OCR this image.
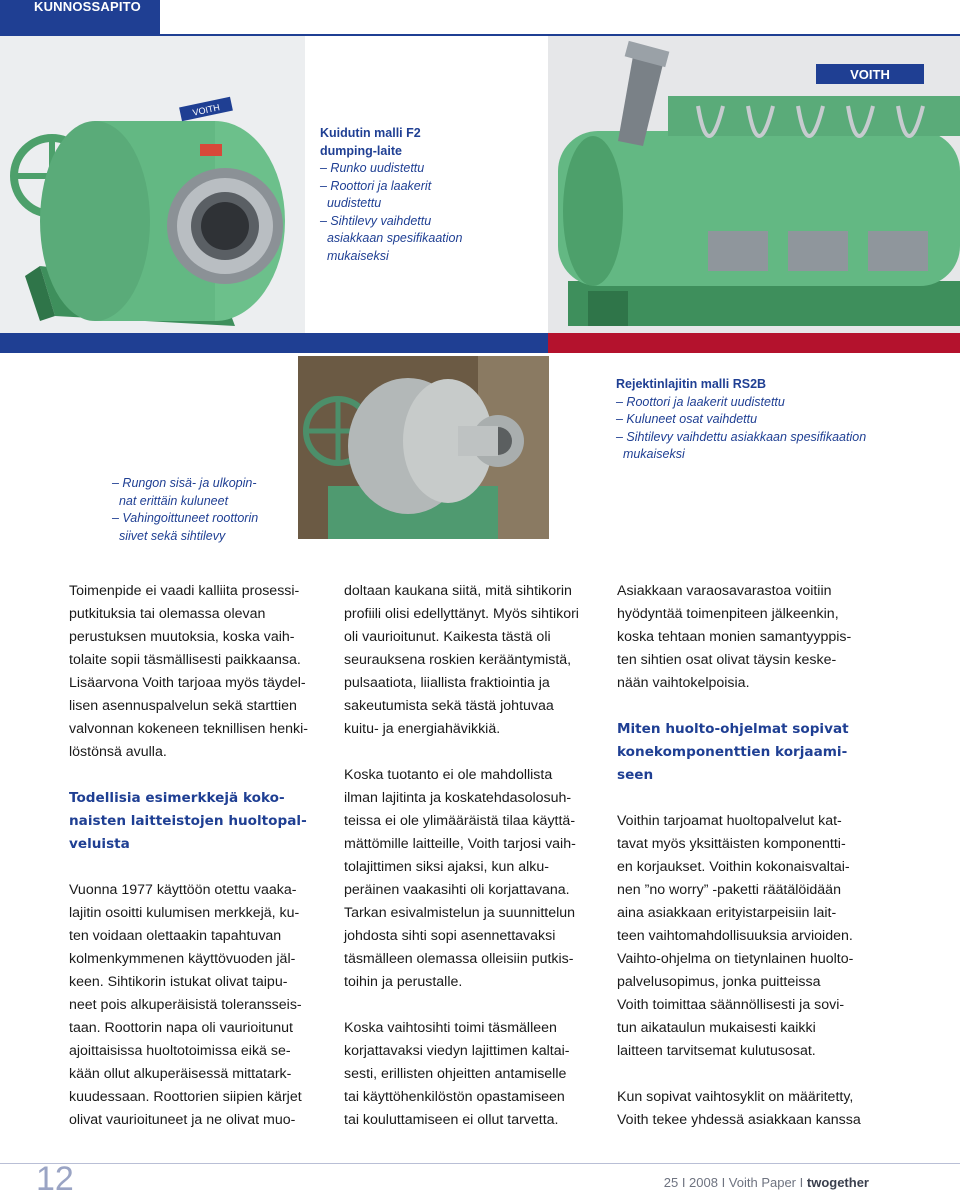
KUNNOSSAPITO
VOITH
Kuidutin malli F2
dumping-laite
– Runko uudistettu
– Roottori ja laakerit
uudistettu
– Sihtilevy vaihdettu
asiakkaan spesifikaation
mukaiseksi
VOITH
Rejektinlajitin malli RS2B
– Roottori ja laakerit uudistettu
– Kuluneet osat vaihdettu
– Sihtilevy vaihdettu asiakkaan spesifikaation
mukaiseksi
– Rungon sisä- ja ulkopin-
nat erittäin kuluneet
– Vahingoittuneet roottorin
siivet sekä sihtilevy
Toimenpide ei vaadi kalliita prosessi-
putkituksia tai olemassa olevan
perustuksen muutoksia, koska vaih-
tolaite sopii täsmällisesti paikkaansa.
Lisäarvona Voith tarjoaa myös täydel-
lisen asennuspalvelun sekä starttien
valvonnan kokeneen teknillisen henki-
löstönsä avulla.
Todellisia esimerkkejä koko-
naisten laitteistojen huoltopal-
veluista
Vuonna 1977 käyttöön otettu vaaka-
lajitin osoitti kulumisen merkkejä, ku-
ten voidaan olettaakin tapahtuvan
kolmenkymmenen käyttövuoden jäl-
keen. Sihtikorin istukat olivat taipu-
neet pois alkuperäisistä toleransseis-
taan. Roottorin napa oli vaurioitunut
ajoittaisissa huoltotoimissa eikä se-
kään ollut alkuperäisessä mittatark-
kuudessaan. Roottorien siipien kärjet
olivat vaurioituneet ja ne olivat muo-
doltaan kaukana siitä, mitä sihtikorin
profiili olisi edellyttänyt. Myös sihtikori
oli vaurioitunut. Kaikesta tästä oli
seurauksena roskien kerääntymistä,
pulsaatiota, liiallista fraktiointia ja
sakeutumista sekä tästä johtuvaa
kuitu- ja energiahävikkiä.
Koska tuotanto ei ole mahdollista
ilman lajitinta ja koskatehdasolosuh-
teissa ei ole ylimääräistä tilaa käyttä-
mättömille laitteille, Voith tarjosi vaih-
tolajittimen siksi ajaksi, kun alku-
peräinen vaakasihti oli korjattavana.
Tarkan esivalmistelun ja suunnittelun
johdosta sihti sopi asennettavaksi
täsmälleen olemassa olleisiin putkis-
toihin ja perustalle.
Koska vaihtosihti toimi täsmälleen
korjattavaksi viedyn lajittimen kaltai-
sesti, erillisten ohjeitten antamiselle
tai käyttöhenkilöstön opastamiseen
tai kouluttamiseen ei ollut tarvetta.
Asiakkaan varaosavarastoa voitiin
hyödyntää toimenpiteen jälkeenkin,
koska tehtaan monien samantyyppis-
ten sihtien osat olivat täysin keske-
nään vaihtokelpoisia.
Miten huolto-ohjelmat sopivat
konekomponenttien korjaami-
seen
Voithin tarjoamat huoltopalvelut kat-
tavat myös yksittäisten komponentti-
en korjaukset. Voithin kokonaisvaltai-
nen ”no worry” -paketti räätälöidään
aina asiakkaan erityistarpeisiin lait-
teen vaihtomahdollisuuksia arvioiden.
Vaihto-ohjelma on tietynlainen huolto-
palvelusopimus, jonka puitteissa
Voith toimittaa säännöllisesti ja sovi-
tun aikataulun mukaisesti kaikki
laitteen tarvitsemat kulutusosat.
Kun sopivat vaihtosyklit on määritetty,
Voith tekee yhdessä asiakkaan kanssa
12	25 I 2008 I Voith Paper I twogether
